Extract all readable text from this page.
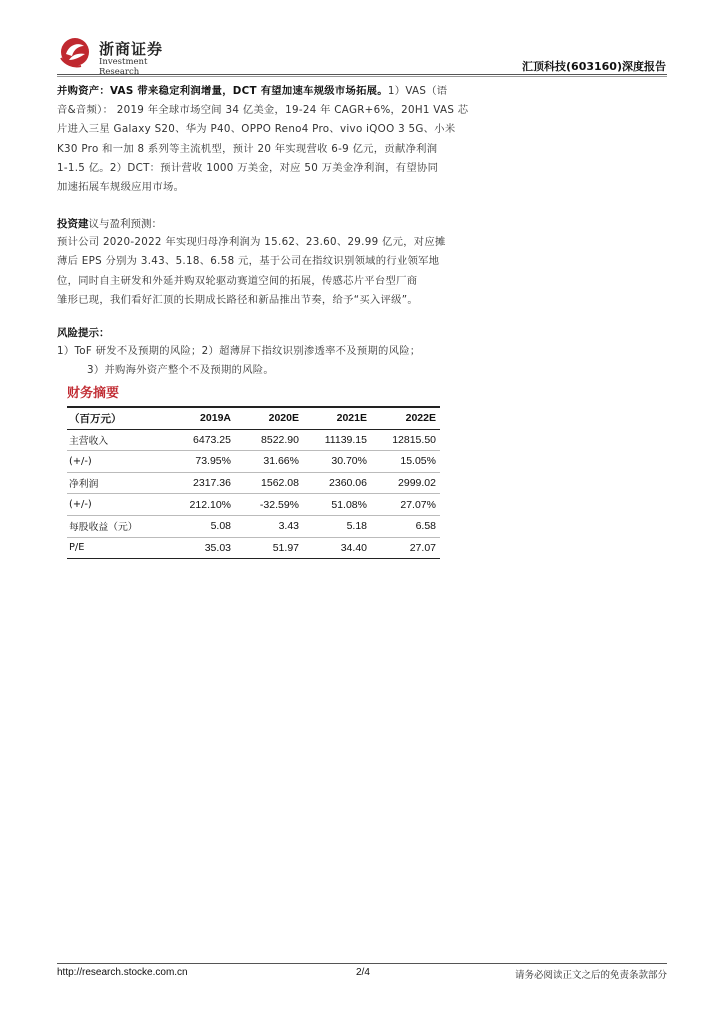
浙商证券
Investment Research	汇顶科技(603160)深度报告

并购资产：VAS 带来稳定利润增量，DCT 有望加速车规级市场拓展。1）VAS（语

音&音频）： 2019 年全球市场空间 34 亿美金，19-24 年 CAGR+6%，20H1 VAS 芯

片进入三星 Galaxy S20、华为 P40、OPPO Reno4 Pro、vivo iQOO 3 5G、小米

K30 Pro 和一加 8 系列等主流机型，预计 20 年实现营收 6-9 亿元，贡献净利润

1-1.5 亿。2）DCT：预计营收 1000 万美金，对应 50 万美金净利润，有望协同

加速拓展车规级应用市场。

投资建议与盈利预测：

预计公司 2020-2022 年实现归母净利润为 15.62、23.60、29.99 亿元，对应摊

薄后 EPS 分别为 3.43、5.18、6.58 元，基于公司在指纹识别领域的行业领军地

位，同时自主研发和外延并购双轮驱动赛道空间的拓展，传感芯片平台型厂商

雏形已现，我们看好汇顶的长期成长路径和新品推出节奏，给予“买入评级”。

风险提示：

1）ToF 研发不及预期的风险；2）超薄屏下指纹识别渗透率不及预期的风险；

3）并购海外资产整个不及预期的风险。

财务摘要
（百万元）	2019A	2020E	2021E	2022E
主营收入	6473.25	8522.90	11139.15	12815.50
(+/-)	73.95%	31.66%	30.70%	15.05%
净利润	2317.36	1562.08	2360.06	2999.02
(+/-)	212.10%	-32.59%	51.08%	27.07%
每股收益（元）	5.08	3.43	5.18	6.58
P/E	35.03	51.97	34.40	27.07
http://research.stocke.com.cn	2/4	请务必阅读正文之后的免责条款部分
